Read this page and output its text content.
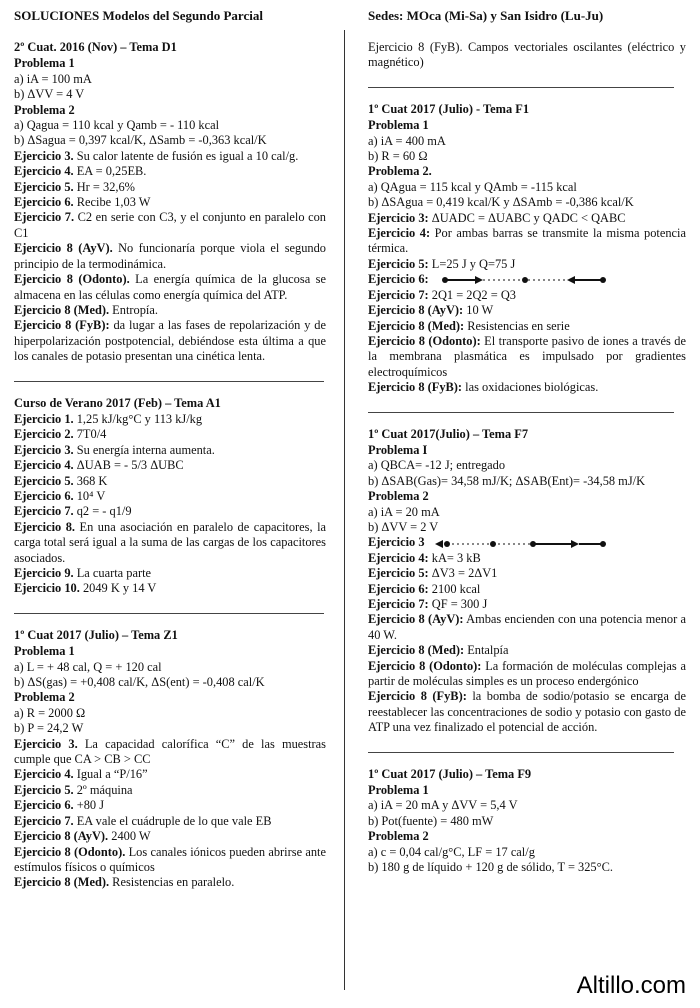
SOLUCIONES Modelos del Segundo Parcial	Sedes: MOca (Mi-Sa) y San Isidro (Lu-Ju)
2º Cuat. 2016 (Nov) – Tema D1

Problema 1

a) iA = 100 mA

b) ΔVV = 4 V

Problema 2

a) Qagua = 110 kcal y Qamb = - 110 kcal

b) ΔSagua = 0,397 kcal/K, ΔSamb = -0,363 kcal/K

Ejercicio 3. Su calor latente de fusión es igual a 10 cal/g.

Ejercicio 4. EA = 0,25EB.

Ejercicio 5. Hr = 32,6%

Ejercicio 6. Recibe 1,03 W

Ejercicio 7. C2 en serie con C3, y el conjunto en paralelo con C1

Ejercicio 8 (AyV). No funcionaría porque viola el segundo principio de la termodinámica.

Ejercicio 8 (Odonto). La energía química de la glucosa se almacena en las células como energía química del ATP.

Ejercicio 8 (Med). Entropía.

Ejercicio 8 (FyB): da lugar a las fases de repolarización y de hiperpolarización postpotencial, debiéndose esta última a que los canales de potasio presentan una cinética lenta.

Curso de Verano 2017 (Feb) – Tema A1

Ejercicio 1. 1,25 kJ/kg°C y 113 kJ/kg

Ejercicio 2. 7T0/4

Ejercicio 3. Su energía interna aumenta.

Ejercicio 4. ΔUAB = - 5/3 ΔUBC

Ejercicio 5. 368 K

Ejercicio 6. 10⁴ V

Ejercicio 7. q2 = - q1/9

Ejercicio 8. En una asociación en paralelo de capacitores, la carga total será igual a la suma de las cargas de los capacitores asociados.

Ejercicio 9. La cuarta parte

Ejercicio 10. 2049 K y 14 V

1º Cuat 2017 (Julio) – Tema Z1

Problema 1

a) L = + 48 cal, Q = + 120 cal

b) ΔS(gas) = +0,408 cal/K, ΔS(ent) = -0,408 cal/K

Problema 2

a) R = 2000 Ω

b) P = 24,2 W

Ejercicio 3. La capacidad calorífica “C” de las muestras cumple que CA > CB > CC

Ejercicio 4. Igual a “P/16”

Ejercicio 5. 2º máquina

Ejercicio 6. +80 J

Ejercicio 7. EA vale el cuádruple de lo que vale EB

Ejercicio 8 (AyV). 2400 W

Ejercicio 8 (Odonto). Los canales iónicos pueden abrirse ante estímulos físicos o químicos

Ejercicio 8 (Med). Resistencias en paralelo.

Ejercicio 8 (FyB). Campos vectoriales oscilantes (eléctrico y magnético)

1º Cuat 2017 (Julio) - Tema F1

Problema 1

a) iA = 400 mA

b) R = 60 Ω

Problema 2.

a) QAgua = 115 kcal y QAmb = -115 kcal

b) ΔSAgua = 0,419 kcal/K y ΔSAmb = -0,386 kcal/K

Ejercicio 3: ΔUADC = ΔUABC y QADC < QABC

Ejercicio 4: Por ambas barras se transmite la misma potencia térmica.

Ejercicio 5: L=25 J y Q=75 J

Ejercicio 6:

Ejercicio 7: 2Q1 = 2Q2 = Q3

Ejercicio 8 (AyV): 10 W

Ejercicio 8 (Med): Resistencias en serie

Ejercicio 8 (Odonto): El transporte pasivo de iones a través de la membrana plasmática es impulsado por gradientes electroquímicos

Ejercicio 8 (FyB): las oxidaciones biológicas.

1º Cuat 2017(Julio) – Tema F7

Problema I

a) QBCA= -12 J; entregado

b) ΔSAB(Gas)= 34,58 mJ/K; ΔSAB(Ent)= -34,58 mJ/K

Problema 2

a) iA = 20 mA

b) ΔVV = 2 V

Ejercicio 3

Ejercicio 4: kA= 3 kB

Ejercicio 5: ΔV3 = 2ΔV1

Ejercicio 6: 2100 kcal

Ejercicio 7: QF = 300 J

Ejercicio 8 (AyV): Ambas encienden con una potencia menor a 40 W.

Ejercicio 8 (Med): Entalpía

Ejercicio 8 (Odonto): La formación de moléculas complejas a partir de moléculas simples es un proceso endergónico

Ejercicio 8 (FyB): la bomba de sodio/potasio se encarga de reestablecer las concentraciones de sodio y potasio con gasto de ATP una vez finalizado el potencial de acción.

1º Cuat 2017 (Julio) – Tema F9

Problema 1

a) iA = 20 mA y ΔVV = 5,4 V

b) Pot(fuente) = 480 mW

Problema 2

a) c = 0,04 cal/g°C, LF = 17 cal/g

b) 180 g de líquido + 120 g de sólido, T = 325°C.

Altillo.com
